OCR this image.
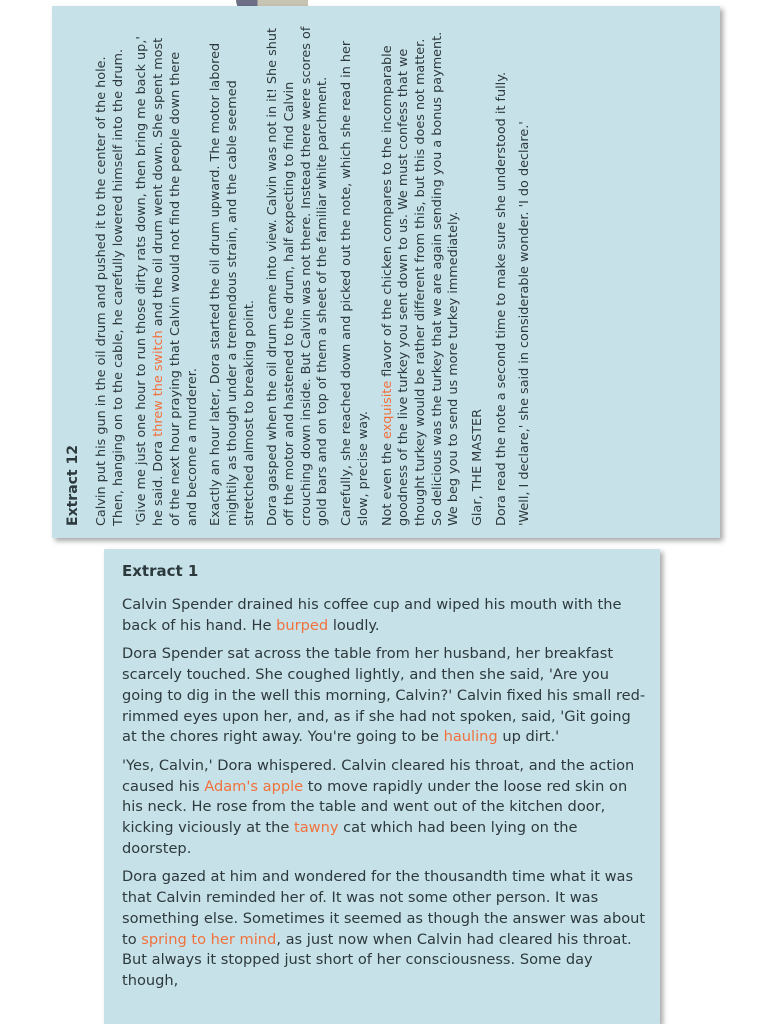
Extract 12 Calvin put his gun in the oil drum and pushed it to the center of the hole. Then, hanging on to the cable, he carefully lowered himself into the drum. 'Give me just one hour to run those dirty rats down, then bring me back up,' he said. Dora threw the switch and the oil drum went down. She spent most of the next hour praying that Calvin would not find the people down there and become a murderer. Exactly an hour later, Dora started the oil drum upward. The motor labored mightily as though under a tremendous strain, and the cable seemed stretched almost to breaking point. Dora gasped when the oil drum came into view. Calvin was not in it! She shut off the motor and hastened to the drum, half expecting to find Calvin crouching down inside. But Calvin was not there. Instead there were scores of gold bars and on top of them a sheet of the familiar white parchment. Carefully, she reached down and picked out the note, which she read in her slow, precise way. Not even the exquisite flavor of the chicken compares to the incomparable goodness of the live turkey you sent down to us. We must confess that we thought turkey would be rather different from this, but this does not matter. So delicious was the turkey that we are again sending you a bonus payment. We beg you to send us more turkey immediately. Glar, THE MASTER Dora read the note a second time to make sure she understood it fully. 'Well, I declare,' she said in considerable wonder. 'I do declare.'

Extract 1

Calvin Spender drained his coffee cup and wiped his mouth with the back of his hand. He burped loudly.

Dora Spender sat across the table from her husband, her breakfast scarcely touched. She coughed lightly, and then she said, 'Are you going to dig in the well this morning, Calvin?' Calvin fixed his small red-rimmed eyes upon her, and, as if she had not spoken, said, 'Git going at the chores right away. You're going to be hauling up dirt.'

'Yes, Calvin,' Dora whispered. Calvin cleared his throat, and the action caused his Adam's apple to move rapidly under the loose red skin on his neck. He rose from the table and went out of the kitchen door, kicking viciously at the tawny cat which had been lying on the doorstep.

Dora gazed at him and wondered for the thousandth time what it was that Calvin reminded her of. It was not some other person. It was something else. Sometimes it seemed as though the answer was about to spring to her mind, as just now when Calvin had cleared his throat. But always it stopped just short of her consciousness. Some day though,
